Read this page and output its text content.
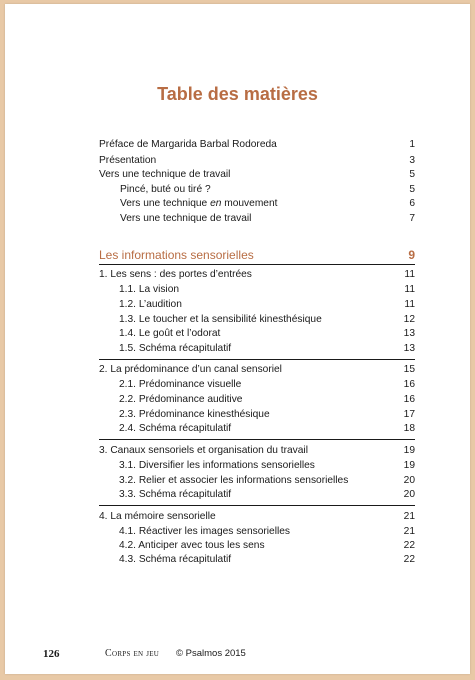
Table des matières
Préface de Margarida Barbal Rodoreda	1
Présentation	3
Vers une technique de travail	5
Pincé, buté ou tiré ?	5
Vers une technique en mouvement	6
Vers une technique de travail	7
Les informations sensorielles	9
1. Les sens : des portes d’entrées	11
1.1. La vision	11
1.2. L’audition	11
1.3. Le toucher et la sensibilité kinesthésique	12
1.4. Le goût et l’odorat	13
1.5. Schéma récapitulatif	13
2. La prédominance d’un canal sensoriel	15
2.1. Prédominance visuelle	16
2.2. Prédominance auditive	16
2.3. Prédominance kinesthésique	17
2.4. Schéma récapitulatif	18
3. Canaux sensoriels et organisation du travail	19
3.1. Diversifier les informations sensorielles	19
3.2. Relier et associer les informations sensorielles	20
3.3. Schéma récapitulatif	20
4. La mémoire sensorielle	21
4.1. Réactiver les images sensorielles	21
4.2. Anticiper avec tous les sens	22
4.3. Schéma récapitulatif	22
126	Corps en jeu © Psalmos 2015
